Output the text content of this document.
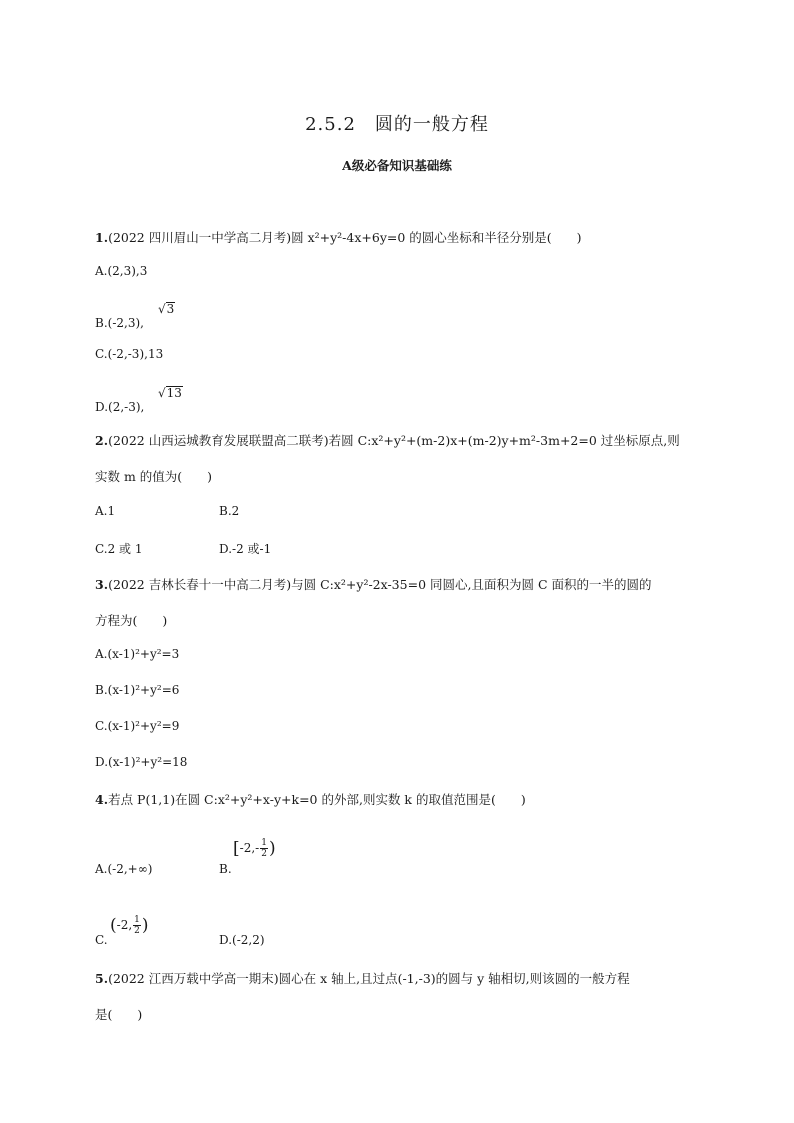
2.5.2　圆的一般方程
A级必备知识基础练
1.(2022 四川眉山一中学高二月考)圆 x²+y²-4x+6y=0 的圆心坐标和半径分别是(　　)
A.(2,3),3
B.(-2,3),
√3
C.(-2,-3),13
D.(2,-3),
√13
2.(2022 山西运城教育发展联盟高二联考)若圆 C:x²+y²+(m-2)x+(m-2)y+m²-3m+2=0 过坐标原点,则
实数 m 的值为(　　)
A.1	B.2
C.2 或 1	D.-2 或-1
3.(2022 吉林长春十一中高二月考)与圆 C:x²+y²-2x-35=0 同圆心,且面积为圆 C 面积的一半的圆的
方程为(　　)
A.(x-1)²+y²=3
B.(x-1)²+y²=6
C.(x-1)²+y²=9
D.(x-1)²+y²=18
4.若点 P(1,1)在圆 C:x²+y²+x-y+k=0 的外部,则实数 k 的取值范围是(　　)
A.(-2,+∞)	B.
[$-2,- \frac{1}{2}$ )
C.
(-2, $\frac{1}{2}$ )
D.(-2,2)
5.(2022 江西万载中学高一期末)圆心在 x 轴上,且过点(-1,-3)的圆与 y 轴相切,则该圆的一般方程
是(　　)
